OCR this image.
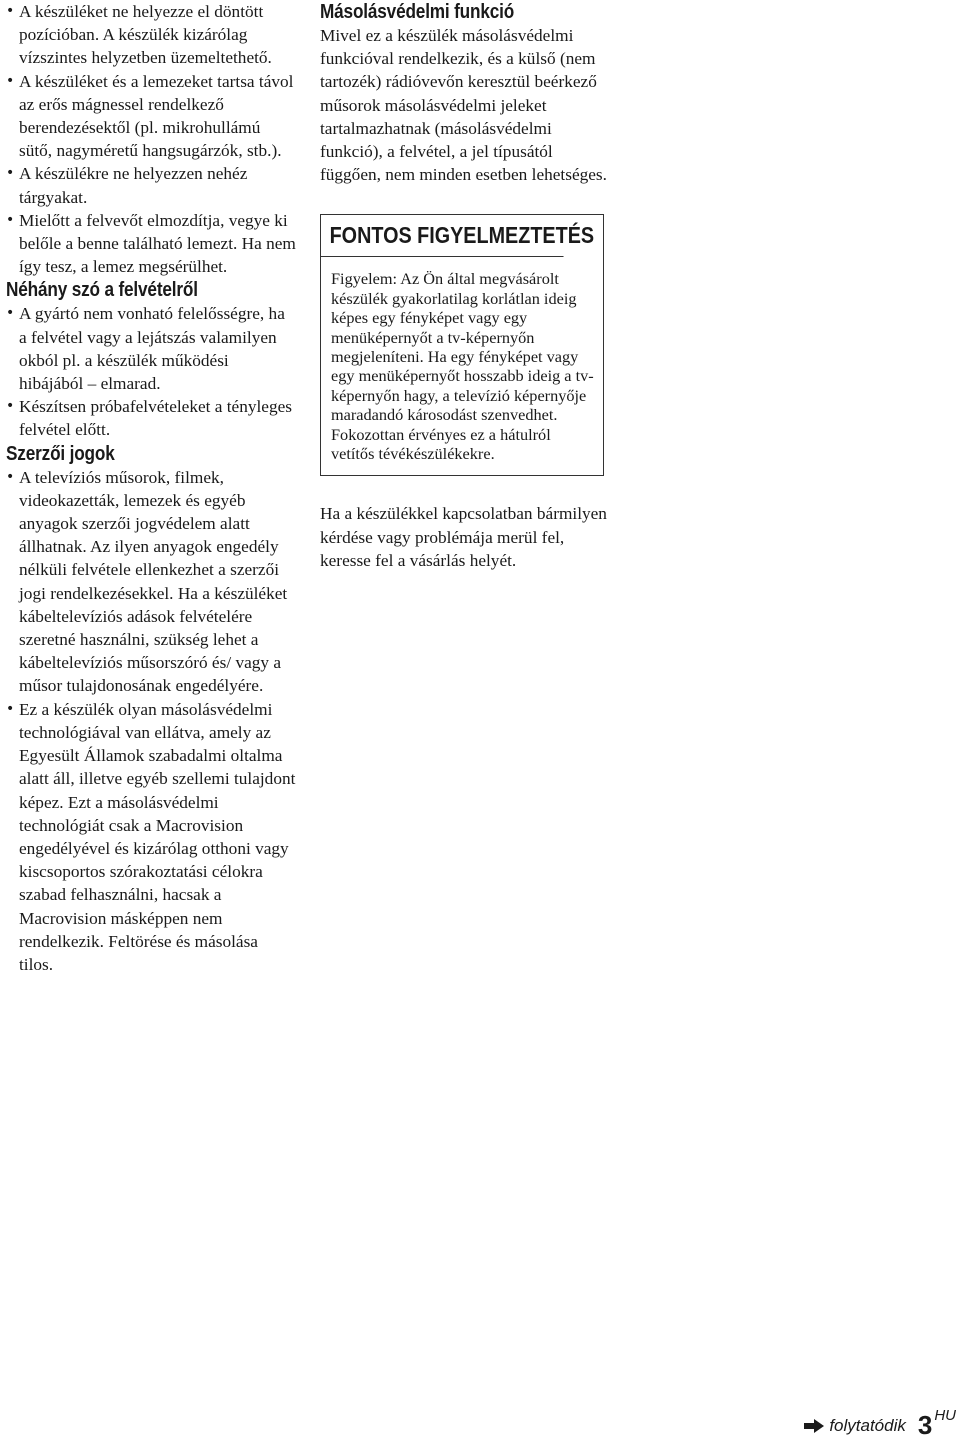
• A készüléket ne helyezze el döntött pozícióban. A készülék kizárólag vízszintes helyzetben üzemeltethető.
• A készüléket és a lemezeket tartsa távol az erős mágnessel rendelkező berendezésektől (pl. mikrohullámú sütő, nagyméretű hangsugárzók, stb.).
• A készülékre ne helyezzen nehéz tárgyakat.
• Mielőtt a felvevőt elmozdítja, vegye ki belőle a benne található lemezt. Ha nem így tesz, a lemez megsérülhet.
Néhány szó a felvételről
• A gyártó nem vonható felelősségre, ha a felvétel vagy a lejátszás valamilyen okból pl. a készülék működési hibájából – elmarad.
• Készítsen próbafelvételeket a tényleges felvétel előtt.
Szerzői jogok
• A televíziós műsorok, filmek, videokazetták, lemezek és egyéb anyagok szerzői jogvédelem alatt állhatnak. Az ilyen anyagok engedély nélküli felvétele ellenkezhet a szerzői jogi rendelkezésekkel. Ha a készüléket kábeltelevíziós adások felvételére szeretné használni, szükség lehet a kábeltelevíziós műsorszóró és/ vagy a műsor tulajdonosának engedélyére.
• Ez a készülék olyan másolásvédelmi technológiával van ellátva, amely az Egyesült Államok szabadalmi oltalma alatt áll, illetve egyéb szellemi tulajdont képez. Ezt a másolásvédelmi technológiát csak a Macrovision engedélyével és kizárólag otthoni vagy kiscsoportos szórakoztatási célokra szabad felhasználni, hacsak a Macrovision másképpen nem rendelkezik. Feltörése és másolása tilos.
Másolásvédelmi funkció

Mivel ez a készülék másolásvédelmi funkcióval rendelkezik, és a külső (nem tartozék) rádióvevőn keresztül beérkező műsorok másolásvédelmi jeleket tartalmazhatnak (másolásvédelmi funkció), a felvétel, a jel típusától függően, nem minden esetben lehetséges.

FONTOS FIGYELMEZTETÉS
Figyelem: Az Ön által megvásárolt készülék gyakorlatilag korlátlan ideig képes egy fényképet vagy egy menüképernyőt a tv-képernyőn megjeleníteni. Ha egy fényképet vagy egy menüképernyőt hosszabb ideig a tv-képernyőn hagy, a televízió képernyője maradandó károsodást szenvedhet. Fokozottan érvényes ez a hátulról vetítős tévékészülékekre.

Ha a készülékkel kapcsolatban bármilyen kérdése vagy problémája merül fel, keresse fel a vásárlás helyét.

folytatódik 3 HU
